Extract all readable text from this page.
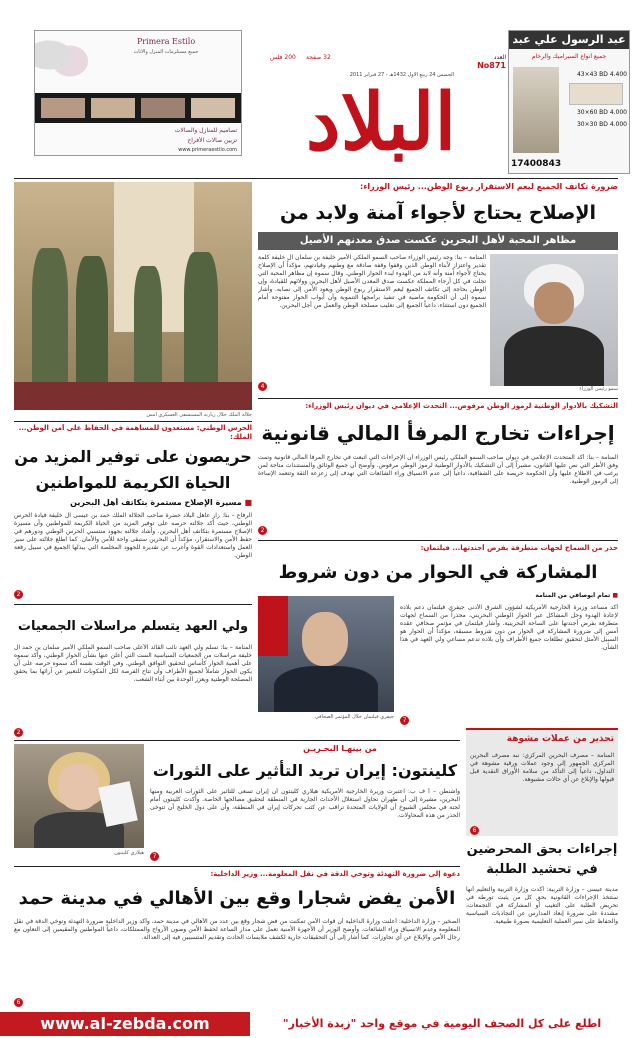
عبد الرسول علي عبد
جميع أنواع السيراميك والرخام
43×43 BD 4.400
30×60 BD 4.000
30×30 BD 4.000
17400843
العدد
No871
32 صفحة
200 فلس
الخميس 24 ربيع الأول 1432هـ - 27 فبراير 2011
البلاد
Primera Estilo
جميع مستلزمات المنزل والأثاث
تصاميم للمنازل والصالات
تزيين صالات الأفراح
www.primeraestilo.com
ضرورة تكاتف الجميع ليعم الاستقرار ربوع الوطن... رئيس الوزراء:
الإصلاح يحتاج لأجواء آمنة ولابد من
مظاهر المحبة لأهل البحرين عكست صدق معدنهم الأصيل
المنامة – بنا: وجه رئيس الوزراء صاحب السمو الملكي الأمير خليفة بن سلمان آل خليفة كلمة تقدير واعتزاز لأبناء الوطن الذين وقفوا وقفة صادقة مع وطنهم وقيادتهم، مؤكداً أن الإصلاح يحتاج لأجواء آمنة وأنه لابد من الهدوء لبدء الحوار الوطني. وقال سموه إن مظاهر المحبة التي تجلت في كل أرجاء المملكة عكست صدق المعدن الأصيل لأهل البحرين وولائهم للقيادة، وإن الوطن بحاجة إلى تكاتف الجميع ليعم الاستقرار ربوع الوطن ويعود الأمن إلى نصابه. وأشار سموه إلى أن الحكومة ماضية في تنفيذ برامجها التنموية وأن أبواب الحوار مفتوحة أمام الجميع دون استثناء، داعياً الجميع إلى تغليب مصلحة الوطن والعمل من أجل البحرين.
سمو رئيس الوزراء
4
جلالة الملك خلال زيارته المستشفى العسكري أمس
الحرس الوطني: مستعدون للمساهمة في الحفاظ على أمن الوطن... الملك:
حريصون على توفير المزيد من الحياة الكريمة للمواطنين
■ مسيرة الإصلاح مستمرة بتكاتف أهل البحرين
الرفاع – بنا: زار عاهل البلاد حضرة صاحب الجلالة الملك حمد بن عيسى آل خليفة قيادة الحرس الوطني، حيث أكد جلالته حرصه على توفير المزيد من الحياة الكريمة للمواطنين وأن مسيرة الإصلاح مستمرة بتكاتف أهل البحرين. وأشاد جلالته بجهود منتسبي الحرس الوطني ودورهم في حفظ الأمن والاستقرار، مؤكداً أن البحرين ستبقى واحة للأمن والأمان. كما اطلع جلالته على سير العمل واستعدادات القوة وأعرب عن تقديره للجهود المخلصة التي يبذلها الجميع في سبيل رفعة الوطن.
2
التشكيك بالأدوار الوطنية لرموز الوطن مرفوض... التحدث الإعلامي في ديوان رئيس الوزراء:
إجراءات تخارج المرفأ المالي قانونية
المنامة – بنا: أكد المتحدث الإعلامي في ديوان صاحب السمو الملكي رئيس الوزراء أن الإجراءات التي اتبعت في تخارج المرفأ المالي قانونية وتمت وفق الأطر التي نص عليها القانون، مشيراً إلى أن التشكيك بالأدوار الوطنية لرموز الوطن مرفوض. وأوضح أن جميع الوثائق والمستندات متاحة لمن يرغب في الاطلاع عليها وأن الحكومة حريصة على الشفافية، داعياً إلى عدم الانسياق وراء الشائعات التي تهدف إلى زعزعة الثقة وتتعمد الإساءة إلى الرموز الوطنية.
2
حذر من السماح لجهات متطرفة بفرض أجندتها... فيلتمان:
المشاركة في الحوار من دون شروط
■ تمام أبوصافي من المنامة
أكد مساعد وزيرة الخارجية الأمريكية لشؤون الشرق الأدنى جيفري فيلتمان دعم بلاده لإعادة الهدوء وحل المشاكل عبر الحوار الوطني البحريني، محذراً من السماح لجهات متطرفة بفرض أجندتها على الساحة البحرينية. وأشار فيلتمان في مؤتمر صحافي عقده أمس إلى ضرورة المشاركة في الحوار من دون شروط مسبقة، مؤكداً أن الحوار هو السبيل الأمثل لتحقيق تطلعات جميع الأطراف وأن بلاده تدعم مساعي ولي العهد في هذا الشأن.
جيفري فيلتمان خلال المؤتمر الصحافي	7
ولي العهد يتسلم مراسلات الجمعيات
المنامة – بنا: تسلم ولي العهد نائب القائد الأعلى صاحب السمو الملكي الأمير سلمان بن حمد آل خليفة مراسلات من الجمعيات السياسية الست التي أعلن عنها بشأن الحوار الوطني، وأكد سموه على أهمية الحوار كأساس لتحقيق التوافق الوطني. وفي الوقت نفسه أكد سموه حرصه على أن يكون الحوار شاملاً لجميع الأطراف وأن تتاح الفرصة لكل المكونات للتعبير عن آرائها بما يحقق المصلحة الوطنية ويعزز الوحدة بين أبناء الشعب.
2
من بينهـا البحـريـن
كلينتون: إيران تريد التأثير على الثورات
واشنطن – أ ف ب: اعتبرت وزيرة الخارجية الأمريكية هيلاري كلينتون أن إيران تسعى للتأثير على الثورات العربية ومنها البحرين، مشيرة إلى أن طهران تحاول استغلال الأحداث الجارية في المنطقة لتحقيق مصالحها الخاصة. وأكدت كلينتون أمام لجنة في مجلس الشيوخ أن الولايات المتحدة تراقب عن كثب تحركات إيران في المنطقة، وأن على دول الخليج أن تتوخى الحذر من هذه المحاولات.
هيلاري كلينتون	7
تحذير من عملات مشوهة
المنامة – مصرف البحرين المركزي: نبه مصرف البحرين المركزي الجمهور إلى وجود عملات ورقية مشوهة في التداول، داعياً إلى التأكد من سلامة الأوراق النقدية قبل قبولها والإبلاغ عن أي حالات مشبوهة.
6
إجراءات بحق المحرضين في تحشيد الطلبة
مدينة عيسى – وزارة التربية: أكدت وزارة التربية والتعليم أنها ستتخذ الإجراءات القانونية بحق كل من يثبت تورطه في تحريض الطلبة على التغيب أو المشاركة في التجمعات، مشددة على ضرورة إبعاد المدارس عن التجاذبات السياسية والحفاظ على سير العملية التعليمية بصورة طبيعية.
دعوة إلى ضرورة التهدئة وتوخي الدقة في نقل المعلومة... وزير الداخلية:
الأمن يفض شجارا وقع بين الأهالي في مدينة حمد
الصخير – وزارة الداخلية: أعلنت وزارة الداخلية أن قوات الأمن تمكنت من فض شجار وقع بين عدد من الأهالي في مدينة حمد، وأكد وزير الداخلية ضرورة التهدئة وتوخي الدقة في نقل المعلومة وعدم الانسياق وراء الشائعات. وأوضح الوزير أن الأجهزة الأمنية تعمل على مدار الساعة لحفظ الأمن وصون الأرواح والممتلكات، داعياً المواطنين والمقيمين إلى التعاون مع رجال الأمن والإبلاغ عن أي تجاوزات. كما أشار إلى أن التحقيقات جارية لكشف ملابسات الحادث وتقديم المتسببين فيه إلى العدالة.
6
www.al-zebda.com	اطلع على كل الصحف اليومية في موقع واحد "زبدة الأخبار"
